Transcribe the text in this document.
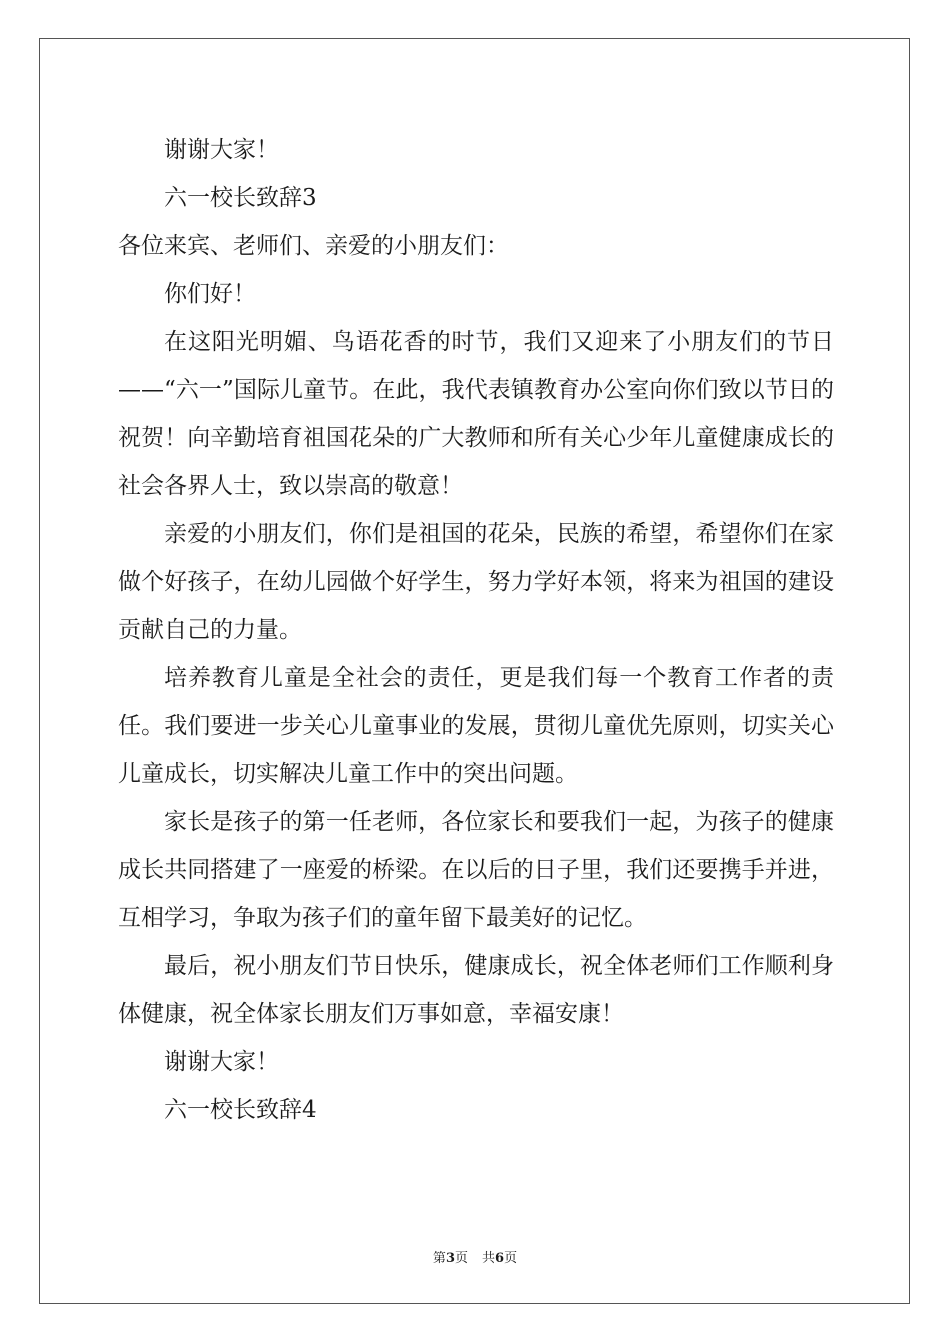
谢谢大家！

六一校长致辞3

各位来宾、老师们、亲爱的小朋友们：

你们好！

在这阳光明媚、鸟语花香的时节，我们又迎来了小朋友们的节日——“六一”国际儿童节。在此，我代表镇教育办公室向你们致以节日的祝贺！向辛勤培育祖国花朵的广大教师和所有关心少年儿童健康成长的社会各界人士，致以崇高的敬意！

亲爱的小朋友们，你们是祖国的花朵，民族的希望，希望你们在家做个好孩子，在幼儿园做个好学生，努力学好本领，将来为祖国的建设贡献自己的力量。

培养教育儿童是全社会的责任，更是我们每一个教育工作者的责任。我们要进一步关心儿童事业的发展，贯彻儿童优先原则，切实关心儿童成长，切实解决儿童工作中的突出问题。

家长是孩子的第一任老师，各位家长和要我们一起，为孩子的健康成长共同搭建了一座爱的桥梁。在以后的日子里，我们还要携手并进，互相学习，争取为孩子们的童年留下最美好的记忆。

最后，祝小朋友们节日快乐，健康成长，祝全体老师们工作顺利身体健康，祝全体家长朋友们万事如意，幸福安康！

谢谢大家！

六一校长致辞4

第3页 共6页
